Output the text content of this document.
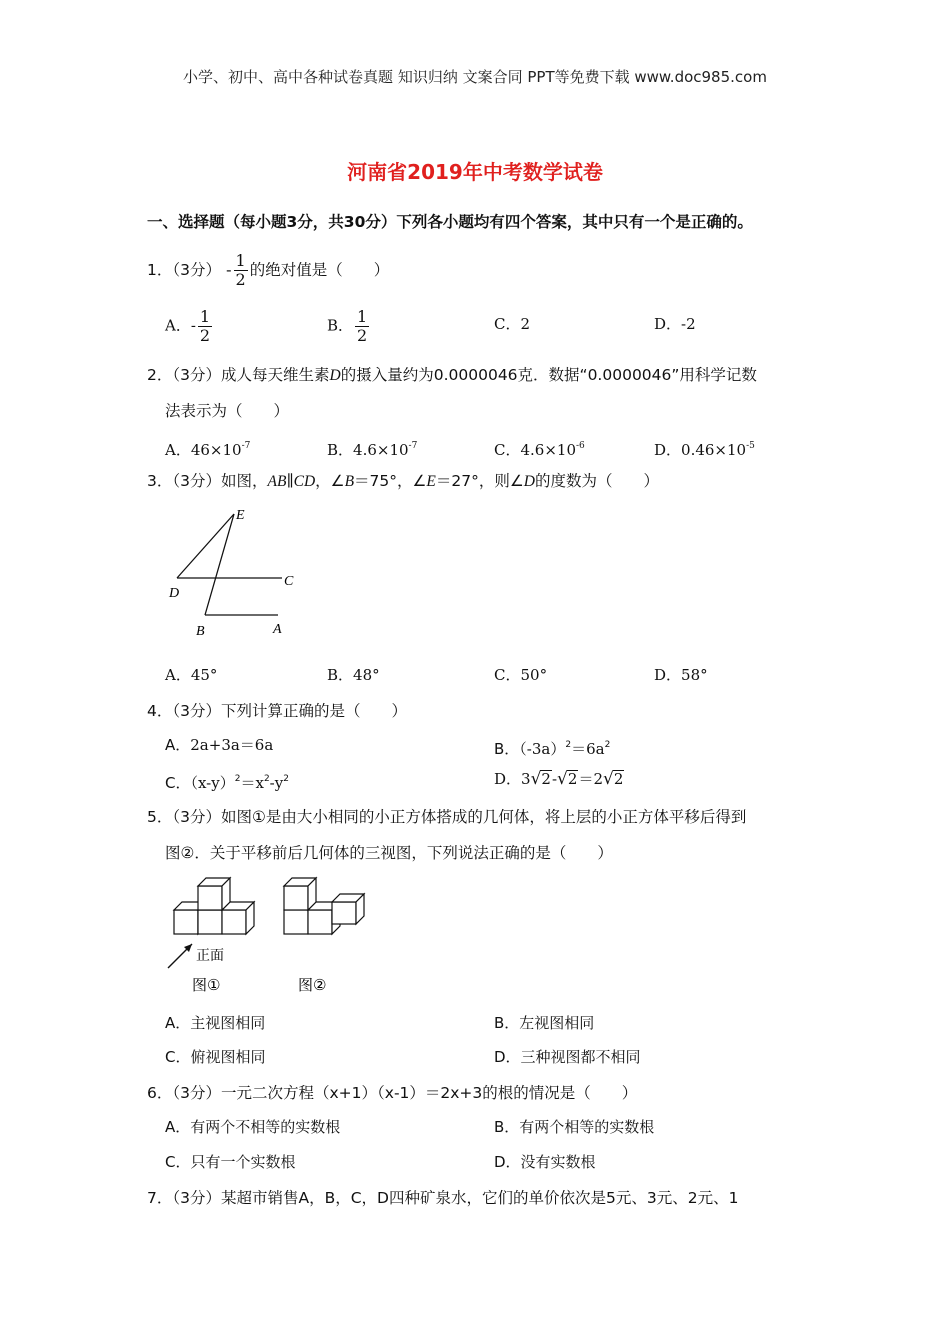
小学、初中、高中各种试卷真题 知识归纳 文案合同 PPT等免费下载 www.doc985.com
河南省2019年中考数学试卷
一、选择题（每小题3分，共30分）下列各小题均有四个答案，其中只有一个是正确的。
1．（3分） - $\frac{1}{2}$ 的绝对值是（　　）
A．- $\frac{1}{2}$	B． $\frac{1}{2}$	C．2	D．-2
2．（3分）成人每天维生素D的摄入量约为0.0000046克．数据“0.0000046”用科学记数
法表示为（　　）
A．$46\times 10^{-7}$	B．$4.6\times 10^{-7}$	C．$4.6\times 10^{-6}$	D．$0.46\times 10^{-5}$
3．（3分）如图，AB∥CD，∠B＝75°，∠E＝27°，则∠D的度数为（　　）
E
C
D
B	A
A．45°	B．48°	C．50°	D．58°
4．（3分）下列计算正确的是（　　）
A．2a+3a＝6a	B．$(-3a)^2=6a^2$
C．$(x-y)^2=x^2-y^2$	D．3√2-√2＝2√2
5．（3分）如图①是由大小相同的小正方体搭成的几何体，将上层的小正方体平移后得到
图②．关于平移前后几何体的三视图，下列说法正确的是（　　）
正面
图①	图②
A．主视图相同	B．左视图相同
C．俯视图相同	D．三种视图都不相同
6．（3分）一元二次方程（x+1）（x-1）＝2x+3的根的情况是（　　）
A．有两个不相等的实数根	B．有两个相等的实数根
C．只有一个实数根	D．没有实数根
7．（3分）某超市销售A，B，C，D四种矿泉水，它们的单价依次是5元、3元、2元、1
